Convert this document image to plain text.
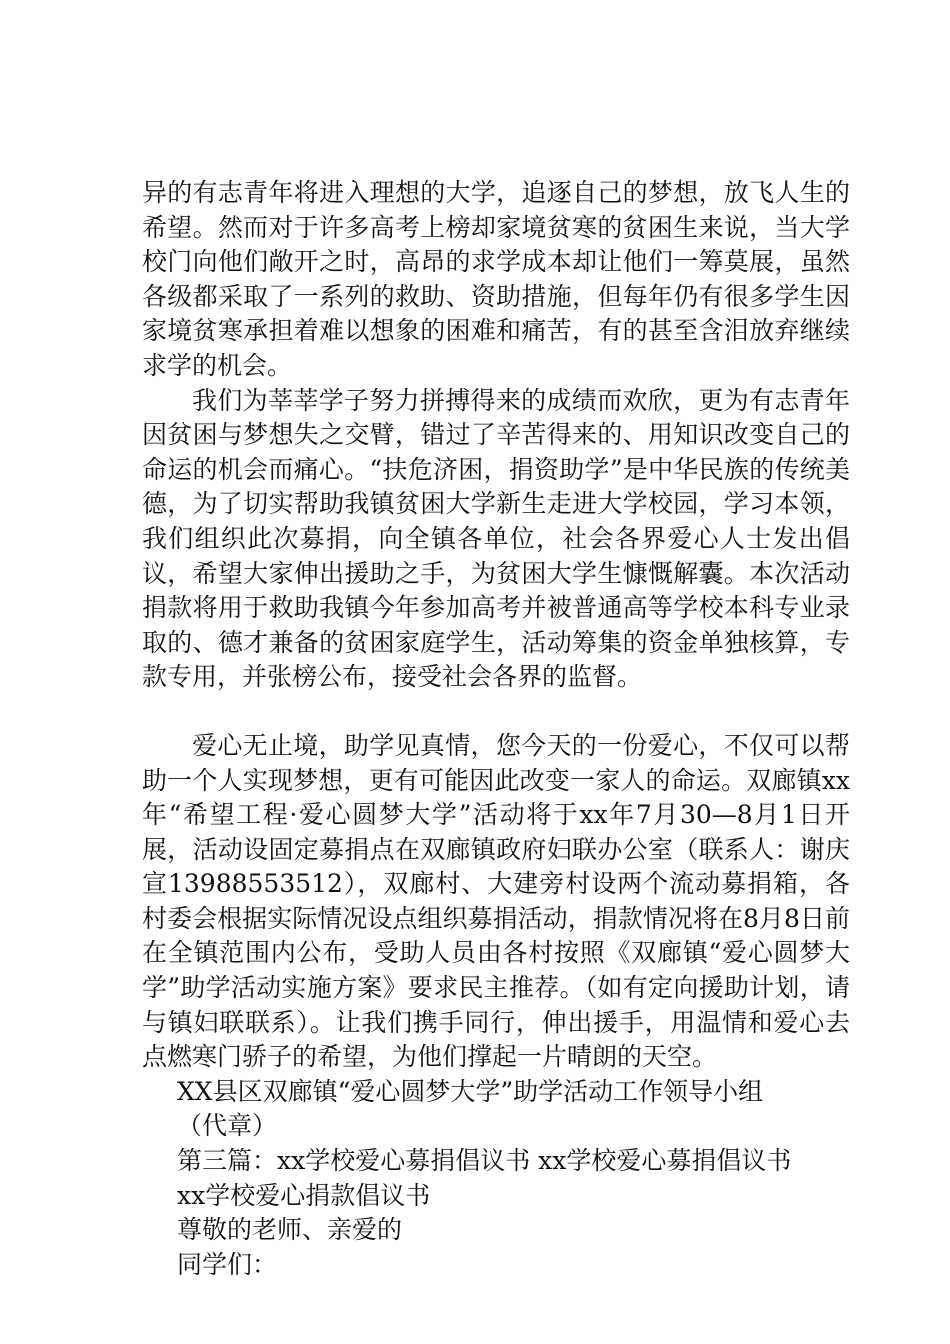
异的有志青年将进入理想的大学，追逐自己的梦想，放飞人生的希望。然而对于许多高考上榜却家境贫寒的贫困生来说，当大学校门向他们敞开之时，高昂的求学成本却让他们一筹莫展，虽然各级都采取了一系列的救助、资助措施，但每年仍有很多学生因家境贫寒承担着难以想象的困难和痛苦，有的甚至含泪放弃继续求学的机会。

我们为莘莘学子努力拼搏得来的成绩而欢欣，更为有志青年因贫困与梦想失之交臂，错过了辛苦得来的、用知识改变自己的命运的机会而痛心。“扶危济困，捐资助学”是中华民族的传统美德，为了切实帮助我镇贫困大学新生走进大学校园，学习本领，我们组织此次募捐，向全镇各单位，社会各界爱心人士发出倡议，希望大家伸出援助之手，为贫困大学生慷慨解囊。本次活动捐款将用于救助我镇今年参加高考并被普通高等学校本科专业录取的、德才兼备的贫困家庭学生，活动筹集的资金单独核算，专款专用，并张榜公布，接受社会各界的监督。

爱心无止境，助学见真情，您今天的一份爱心，不仅可以帮助一个人实现梦想，更有可能因此改变一家人的命运。双廊镇xx年“希望工程·爱心圆梦大学”活动将于xx年7月30—8月1日开展，活动设固定募捐点在双廊镇政府妇联办公室（联系人：谢庆宣13988553512），双廊村、大建旁村设两个流动募捐箱，各村委会根据实际情况设点组织募捐活动，捐款情况将在8月8日前在全镇范围内公布，受助人员由各村按照《双廊镇“爱心圆梦大学”助学活动实施方案》要求民主推荐。（如有定向援助计划，请与镇妇联联系）。让我们携手同行，伸出援手，用温情和爱心去点燃寒门骄子的希望，为他们撑起一片晴朗的天空。

XX县区双廊镇“爱心圆梦大学”助学活动工作领导小组

（代章）

第三篇：xx学校爱心募捐倡议书 xx学校爱心募捐倡议书

xx学校爱心捐款倡议书

尊敬的老师、亲爱的

同学们：
